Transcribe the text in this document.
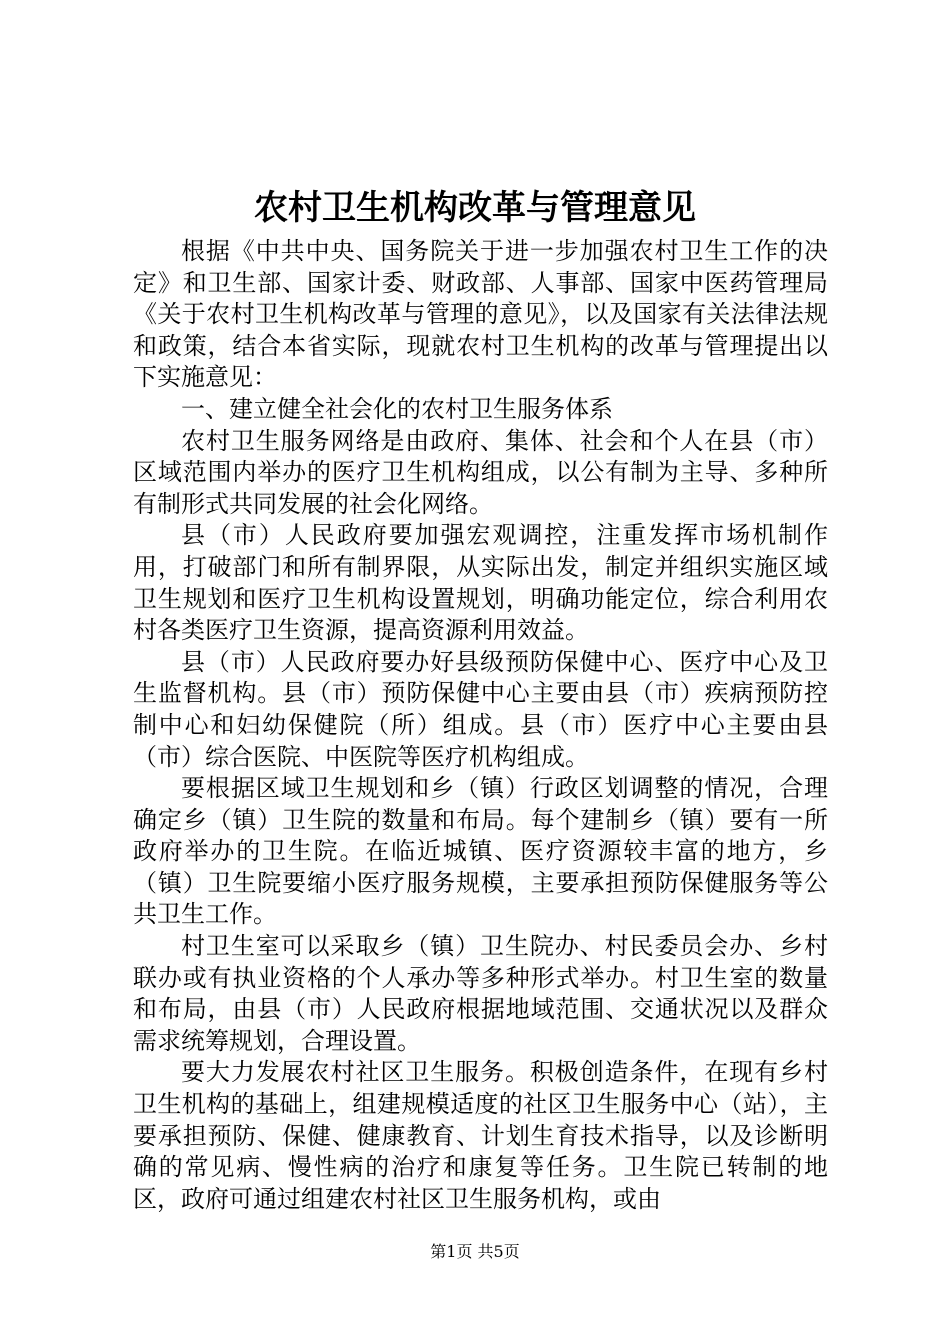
农村卫生机构改革与管理意见

根据《中共中央、国务院关于进一步加强农村卫生工作的决定》和卫生部、国家计委、财政部、人事部、国家中医药管理局《关于农村卫生机构改革与管理的意见》，以及国家有关法律法规和政策，结合本省实际，现就农村卫生机构的改革与管理提出以下实施意见：

一、建立健全社会化的农村卫生服务体系

农村卫生服务网络是由政府、集体、社会和个人在县（市）区域范围内举办的医疗卫生机构组成，以公有制为主导、多种所有制形式共同发展的社会化网络。

县（市）人民政府要加强宏观调控，注重发挥市场机制作用，打破部门和所有制界限，从实际出发，制定并组织实施区域卫生规划和医疗卫生机构设置规划，明确功能定位，综合利用农村各类医疗卫生资源，提高资源利用效益。

县（市）人民政府要办好县级预防保健中心、医疗中心及卫生监督机构。县（市）预防保健中心主要由县（市）疾病预防控制中心和妇幼保健院（所）组成。县（市）医疗中心主要由县（市）综合医院、中医院等医疗机构组成。

要根据区域卫生规划和乡（镇）行政区划调整的情况，合理确定乡（镇）卫生院的数量和布局。每个建制乡（镇）要有一所政府举办的卫生院。在临近城镇、医疗资源较丰富的地方，乡（镇）卫生院要缩小医疗服务规模，主要承担预防保健服务等公共卫生工作。

村卫生室可以采取乡（镇）卫生院办、村民委员会办、乡村联办或有执业资格的个人承办等多种形式举办。村卫生室的数量和布局，由县（市）人民政府根据地域范围、交通状况以及群众需求统筹规划，合理设置。

要大力发展农村社区卫生服务。积极创造条件，在现有乡村卫生机构的基础上，组建规模适度的社区卫生服务中心（站），主要承担预防、保健、健康教育、计划生育技术指导，以及诊断明确的常见病、慢性病的治疗和康复等任务。卫生院已转制的地区，政府可通过组建农村社区卫生服务机构，或由

第1页 共5页
